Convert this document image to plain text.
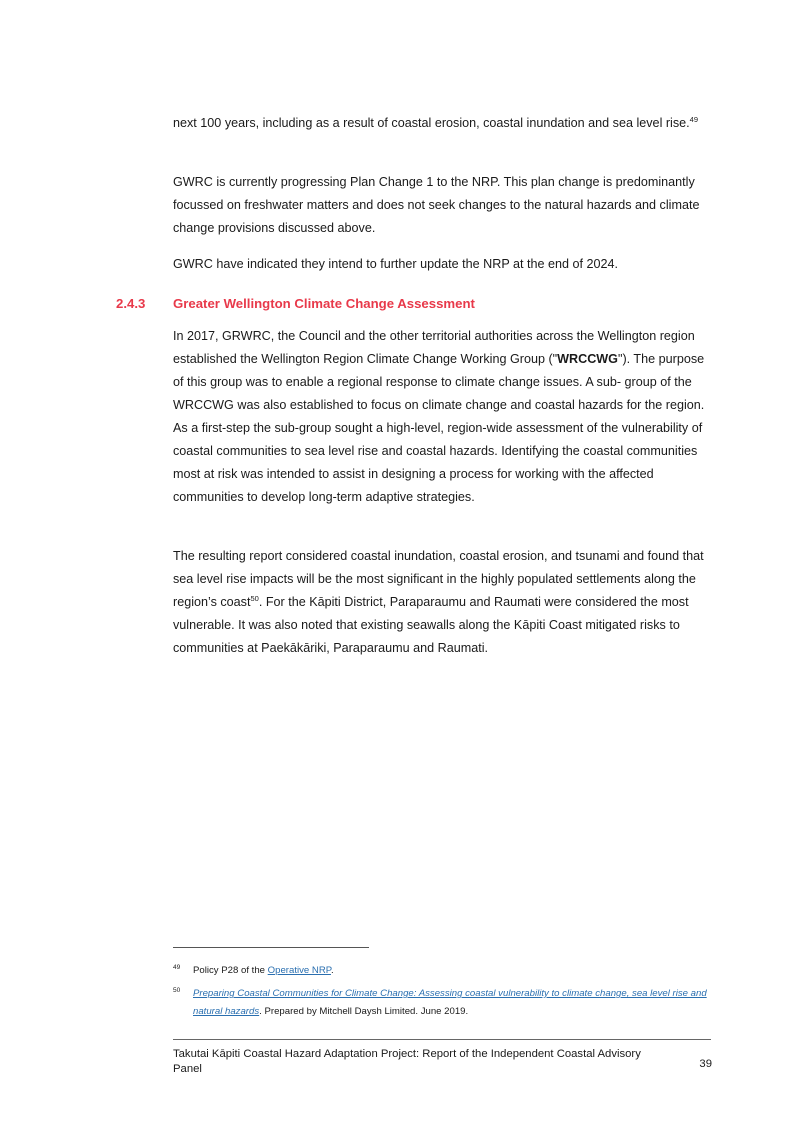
next 100 years, including as a result of coastal erosion, coastal inundation and sea level rise.$^{49}$

GWRC is currently progressing Plan Change 1 to the NRP. This plan change is predominantly focussed on freshwater matters and does not seek changes to the natural hazards and climate change provisions discussed above.

GWRC have indicated they intend to further update the NRP at the end of 2024.

2.4.3 Greater Wellington Climate Change Assessment

In 2017, GRWRC, the Council and the other territorial authorities across the Wellington region established the Wellington Region Climate Change Working Group ("WRCCWG"). The purpose of this group was to enable a regional response to climate change issues. A sub- group of the WRCCWG was also established to focus on climate change and coastal hazards for the region. As a first-step the sub-group sought a high-level, region-wide assessment of the vulnerability of coastal communities to sea level rise and coastal hazards. Identifying the coastal communities most at risk was intended to assist in designing a process for working with the affected communities to develop long-term adaptive strategies.

The resulting report considered coastal inundation, coastal erosion, and tsunami and found that sea level rise impacts will be the most significant in the highly populated settlements along the region’s coast$^{50}$. For the Kāpiti District, Paraparaumu and Raumati were considered the most vulnerable. It was also noted that existing seawalls along the Kāpiti Coast mitigated risks to communities at Paekākāriki, Paraparaumu and Raumati.

49 Policy P28 of the Operative NRP.
50 Preparing Coastal Communities for Climate Change: Assessing coastal vulnerability to climate change, sea level rise and natural hazards. Prepared by Mitchell Daysh Limited. June 2019.
Takutai Kāpiti Coastal Hazard Adaptation Project: Report of the Independent Coastal Advisory Panel	39
